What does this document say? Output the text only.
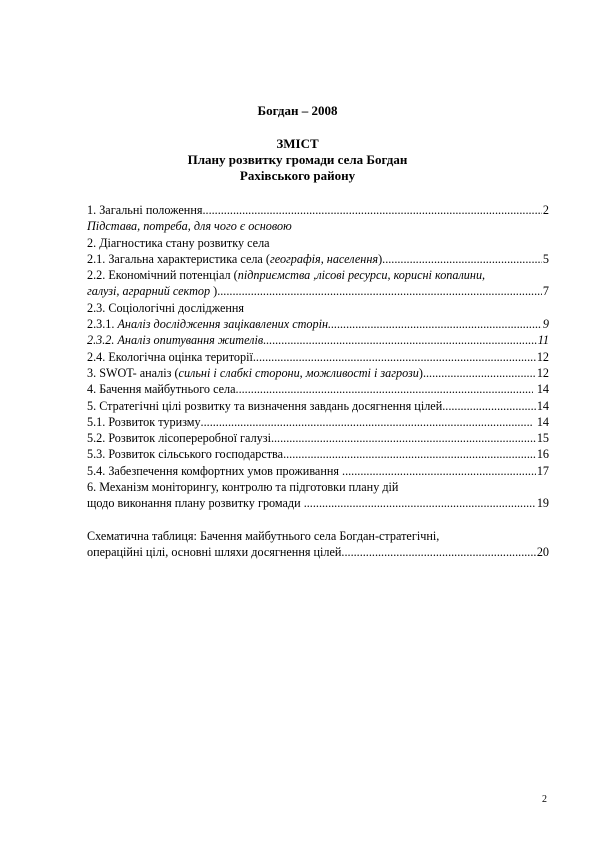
Богдан – 2008
ЗМІСТ
Плану розвитку громади села Богдан
Рахівського району
1. Загальні положення .....	2
Підстава, потреба, для чого є основою
2. Діагностика стану розвитку села
2.1. Загальна характеристика села (географія, населення) .....	5
2.2. Економічний потенціал (підприємства ,лісові ресурси, корисні копалини,
галузі, аграрний сектор ) .....	7
2.3. Соціологічні дослідження
2.3.1. Аналіз дослідження зацікавлених сторін .....	9
2.3.2. Аналіз опитування жителів .....	11
2.4. Екологічна оцінка території .....	12
3. SWOT- аналіз (сильні і слабкі сторони, можливості і загрози) .....	12
4. Бачення майбутнього села .....	14
5. Стратегічні цілі розвитку та визначення завдань досягнення цілей .....	14
5.1. Розвиток туризму .....	14
5.2. Розвиток лісопереробної галузі .....	15
5.3. Розвиток сільського господарства .....	16
5.4. Забезпечення комфортних умов проживання .....	17
6. Механізм моніторингу, контролю та підготовки плану дій
щодо виконання плану розвитку громади .....	19
Схематична таблиця: Бачення майбутнього села Богдан-стратегічні,
операційні цілі, основні шляхи досягнення цілей .....	20
2
